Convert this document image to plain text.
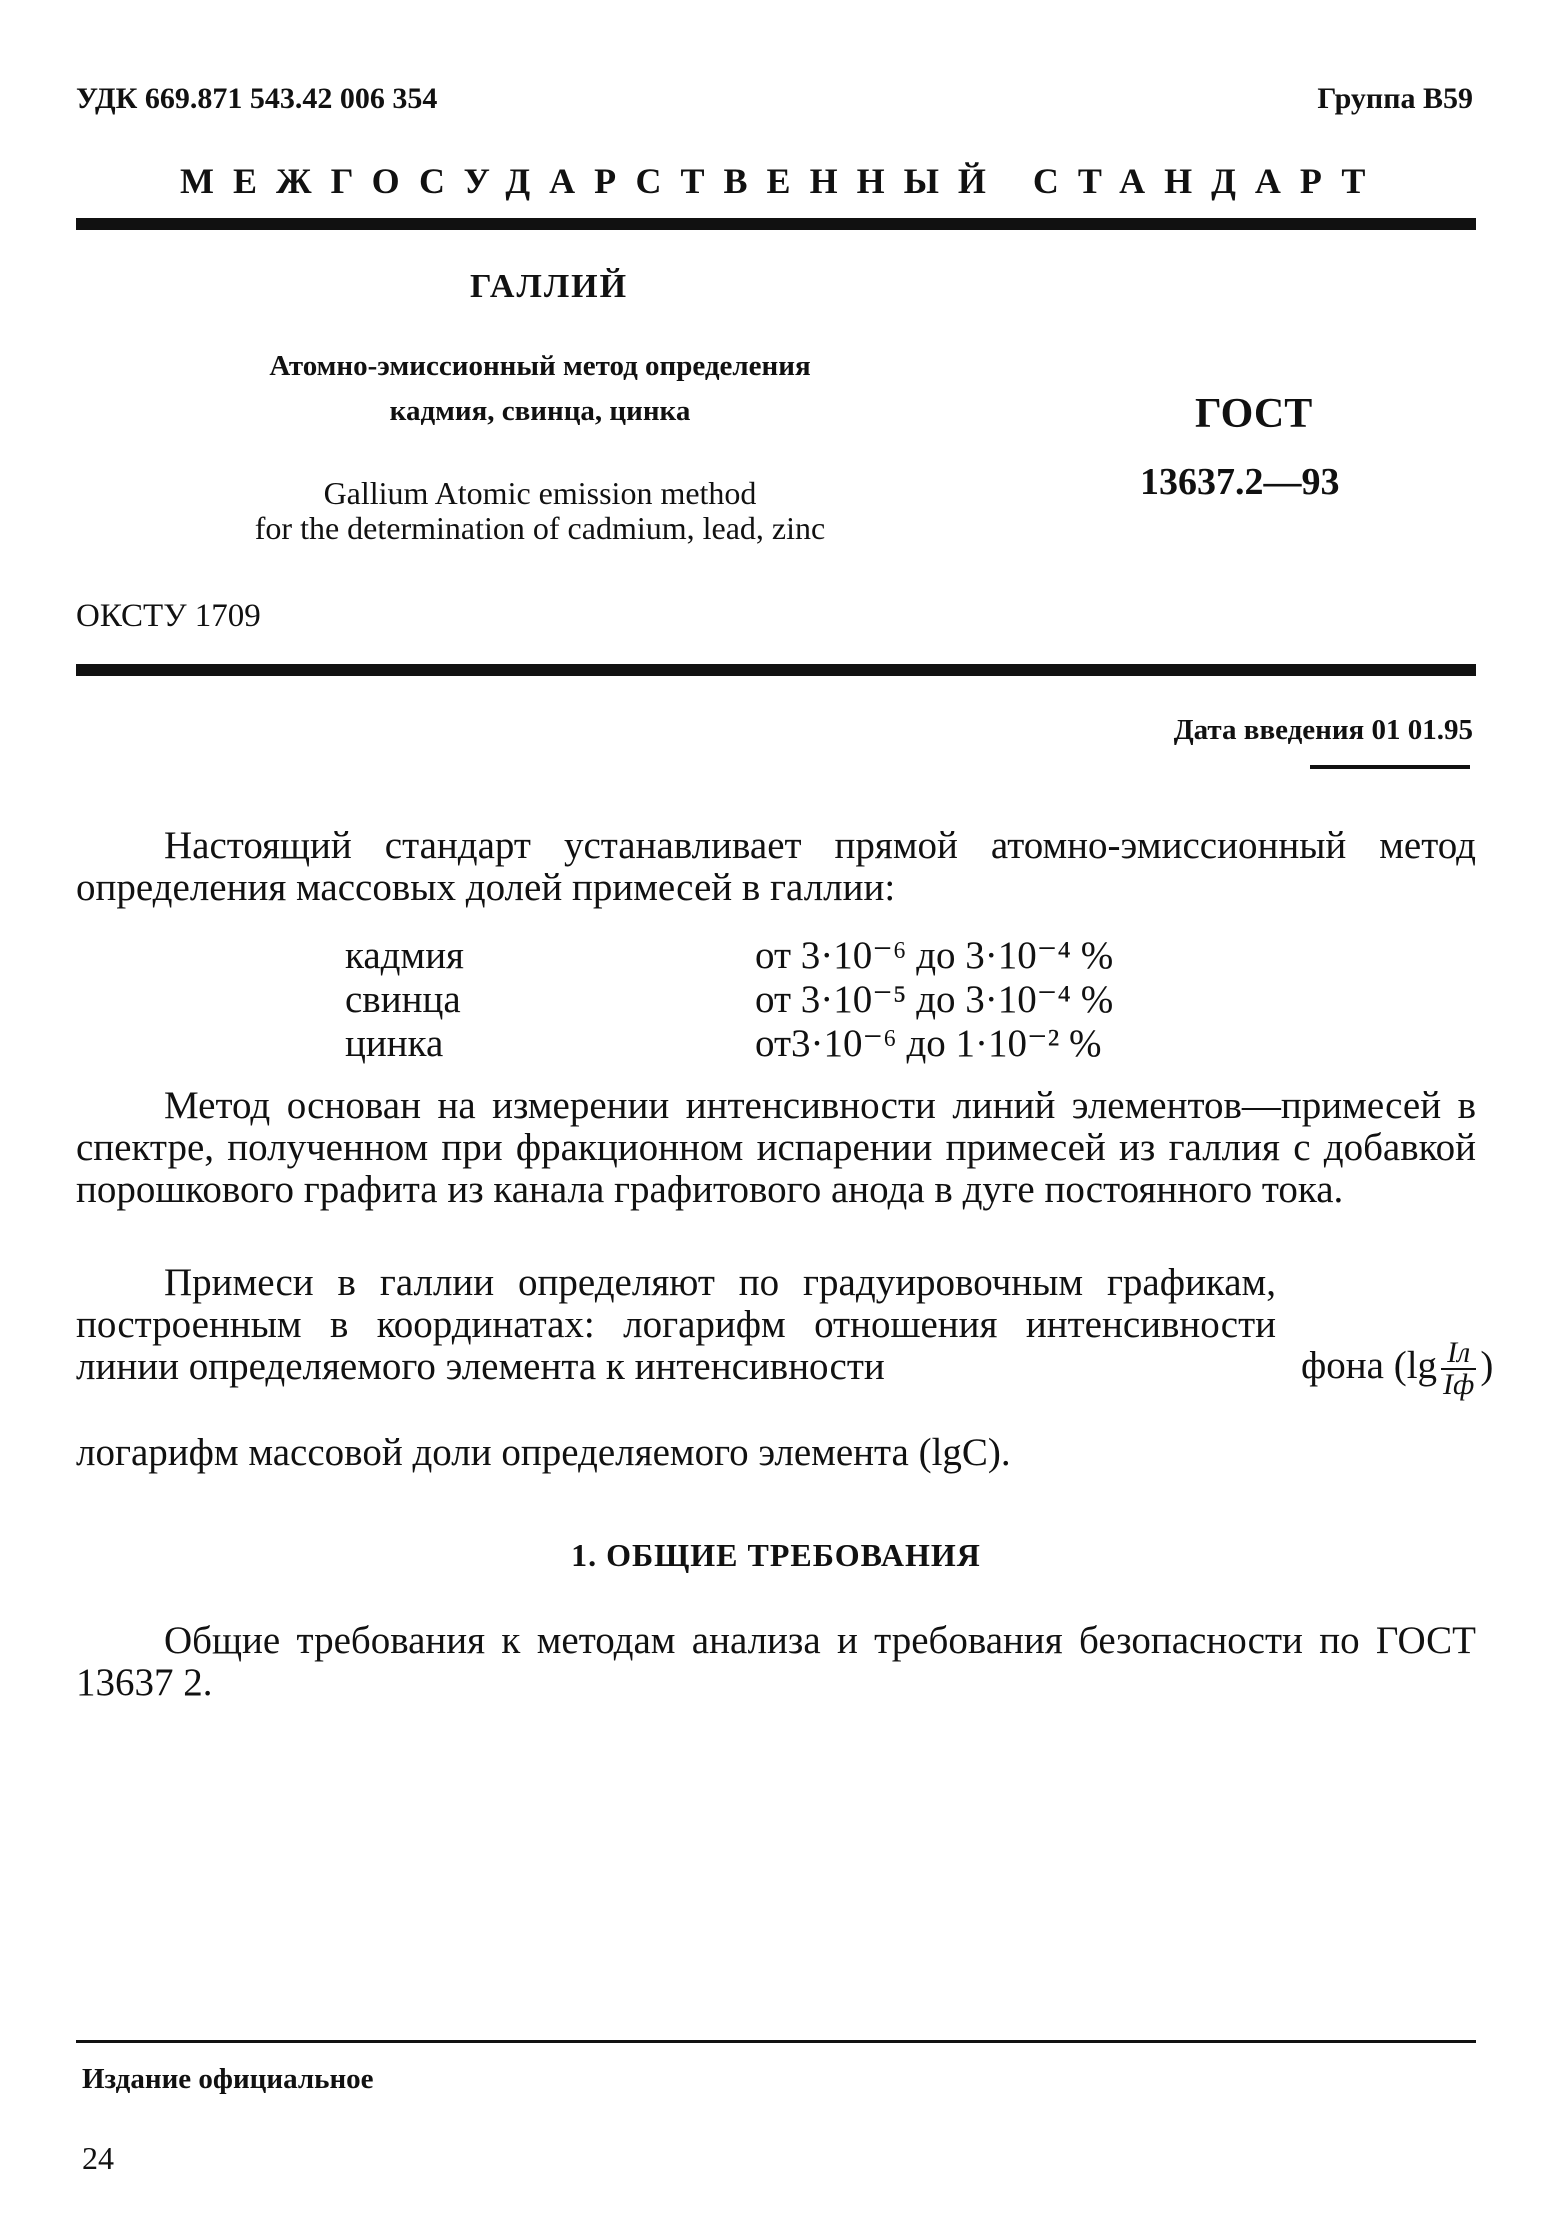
УДК 669.871 543.42 006 354	Группа B59
МЕЖГОСУДАРСТВЕННЫЙ СТАНДАРТ
ГАЛЛИЙ
Атомно-эмиссионный метод определения
кадмия, свинца, цинка
Gallium Atomic emission method
for the determination of cadmium, lead, zinc
ГОСТ
13637.2—93
ОКСТУ 1709
Дата введения 01 01.95
Настоящий стандарт устанавливает прямой атомно-эмиссионный метод определения массовых долей примесей в галлии:
кадмия	от 3·10⁻⁶ до 3·10⁻⁴ %
свинца	от 3·10⁻⁵ до 3·10⁻⁴ %
цинка	от3·10⁻⁶ до 1·10⁻² %
Метод основан на измерении интенсивности линий элементов—примесей в спектре, полученном при фракционном испарении примесей из галлия с добавкой порошкового графита из канала графитового анода в дуге постоянного тока.
Примеси в галлии определяют по градуировочным графикам, построенным в координатах: логарифм отношения интенсивности линии определяемого элемента к интенсивности	фона ($\lg \frac{Iл}{Iф}$ )
логарифм массовой доли определяемого элемента (lgC).
1. ОБЩИЕ ТРЕБОВАНИЯ
Общие требования к методам анализа и требования безопасности по ГОСТ 13637 2.
Издание официальное
24
